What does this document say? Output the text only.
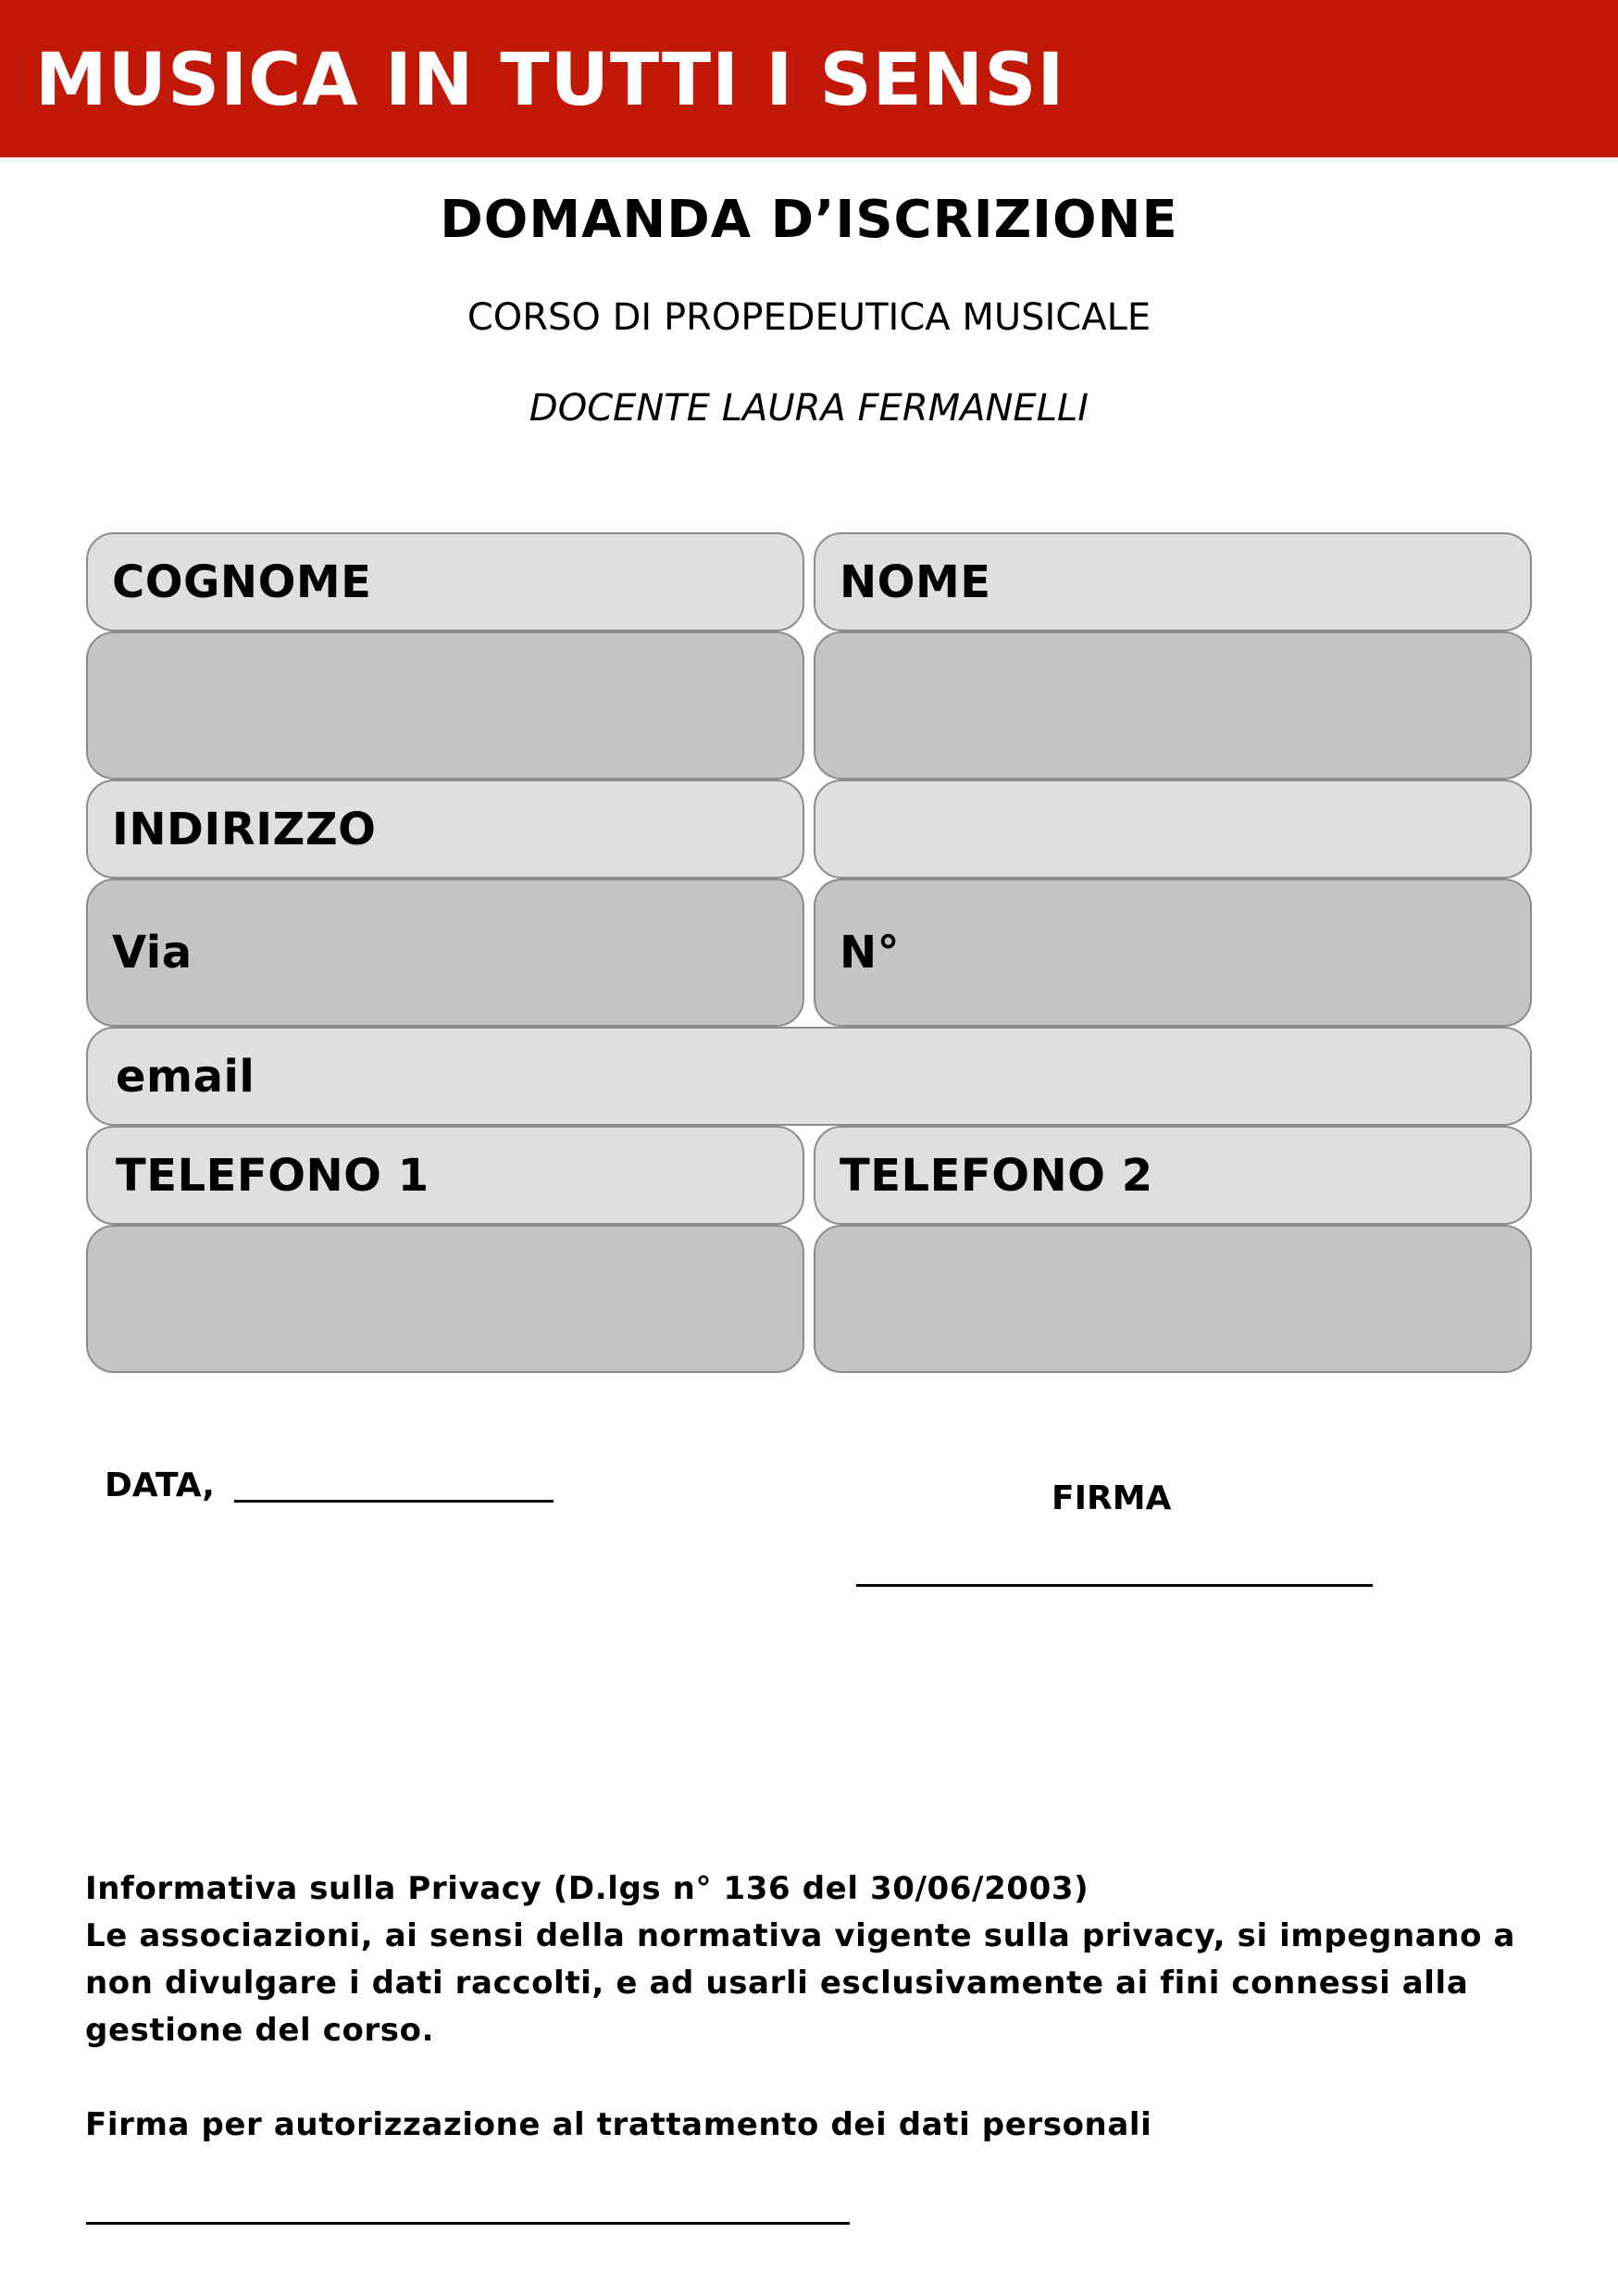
MUSICA IN TUTTI I SENSI
DOMANDA D’ISCRIZIONE
CORSO DI PROPEDEUTICA MUSICALE
DOCENTE LAURA FERMANELLI
COGNOME	NOME
INDIRIZZO
Via	N°
email
TELEFONO 1	TELEFONO 2
DATA,	FIRMA

Informativa sulla Privacy (D.lgs n° 136 del 30/06/2003)

Le associazioni, ai sensi della normativa vigente sulla privacy, si impegnano a non divulgare i dati raccolti, e ad usarli esclusivamente ai fini connessi alla gestione del corso.

Firma per autorizzazione al trattamento dei dati personali
